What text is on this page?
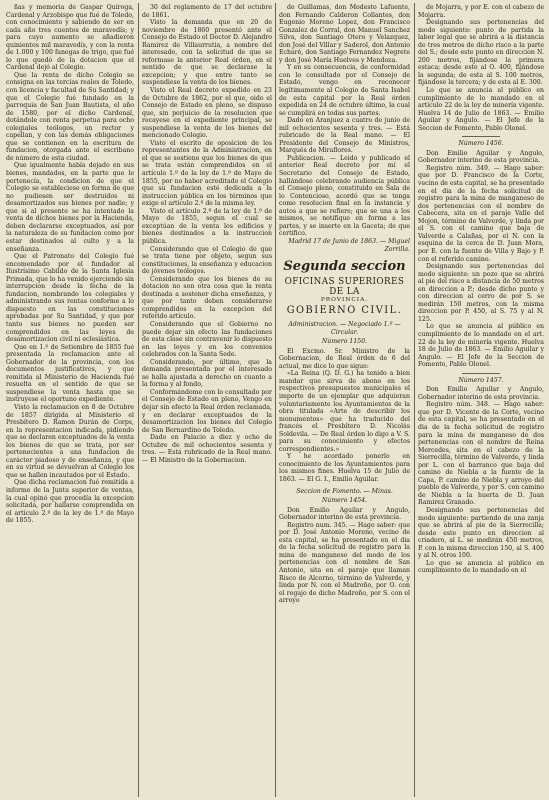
ñas y memoria de Gaspar Quiroga, Cardenal y Arzobispo que fué de Toledo, con conocimiento y sabiendo de ser en cada año tres cuentos de maravedís; y para cuyo aumento se añadieron quinientos mil maravedís, y con la renta de 1.000 y 100 fanegas de trigo, que fué lo que quedó de la dotacion que el Cardenal dejó al Colegio.

Que la renta de dicho Colegio se consigna en las tercias reales de Toledo, con licencia y facultad de Su Santidad; y que el Colegio fué fundado en la parroquia de San Juan Bautista, el año de 1580, por el dicho Cardenal, dotándole con renta perpetua para ocho colegiales teólogos, un rector y capellan, y con las demás obligaciones que se contienen en la escritura de fundacion, otorgada ante el escribano de número de esta ciudad.

Que igualmente había dejado en sus bienes, mandados, en la parte que le pertenecía, la condicion de que el Colegio se estableciese en forma de que no pudiesen ser destruidos ni desamortizados sus bienes por nadie; y que si al presente se ha intentado la venta de dichos bienes por la Hacienda, deben declararse exceptuados, así por la naturaleza de su fundacion como por estar destinados al culto y a la enseñanza.

Que el Patronato del Colegio fué encomendado por el fundador al Ilustrísimo Cabildo de la Santa Iglesia Primada, que lo ha venido ejerciendo sin interrupcion desde la fecha de la fundacion, nombrando los colegiales y administrando sus rentas conforme a lo dispuesto en las constituciones aprobadas por Su Santidad, y que por tanto sus bienes no pueden ser comprendidos en las leyes de desamortizacion civil ni eclesiástica.

Que en 1.º de Setiembre de 1855 fué presentada la reclamacion ante el Gobernador de la provincia, con los documentos justificativos, y que remitida al Ministerio de Hacienda fué resuelta en el sentido de que se suspendiese la venta hasta que se instruyese el oportuno expediente.

Visto la reclamacion en 8 de Octubre de 1857 dirigida al Ministerio el Presbítero D. Ramon Durán de Corps, en la representacion indicada, pidiendo que se declaren exceptuados de la venta los bienes de que se trata, por ser pertenecientes a una fundacion de carácter piadoso y de enseñanza, y que en su virtud se devuelvan al Colegio los que se hallen incautados por el Estado.

Que dicha reclamacion fué remitida a informe de la Junta superior de ventas, la cual opinó que procedía la excepcion solicitada, por hallarse comprendida en el artículo 2.º de la ley de 1.º de Mayo de 1855.

30 del reglamento de 17 del octubre de 1861.

Visto la demanda que en 20 de noviembre de 1860 presentó ante el Consejo de Estado el Doctor D. Alejandro Ramirez de Villaurrutia, a nombre del interesado, con la solicitud de que se reformase la anterior Real órden, en el sentido de que se declarase la excepcion; y que entre tanto se suspendiese la venta de los bienes.

Visto el Real decreto expedido en 23 de Octubre de 1862, por el que, oido el Consejo de Estado en pleno, se dispuso que, sin perjuicio de la resolucion que recayese en el expediente principal, se suspendiese la venta de los bienes del mencionado Colegio.

Visto el escrito de oposicion de los representantes de la Administracion, en el que se sostiene que los bienes de que se trata están comprendidos en el artículo 1.º de la ley de 1.º de Mayo de 1855, por no haber acreditado el Colegio que su fundacion esté dedicada a la instruccion pública en los términos que exige el artículo 2.º de la misma ley.

Visto el artículo 2.º de la ley de 1.º de Mayo de 1855, segun el cual se exceptúan de la venta los edificios y bienes destinados a la instruccion pública.

Considerando que el Colegio de que se trata tiene por objeto, segun sus constituciones, la enseñanza y educacion de jóvenes teólogos.

Considerando que los bienes de su dotacion no son otra cosa que la renta destinada a sostener dicha enseñanza, y que por tanto deben considerarse comprendidos en la excepcion del referido artículo.

Considerando que el Gobierno no puede dejar sin efecto las fundaciones de esta clase sin contravenir lo dispuesto en las leyes y en los convenios celebrados con la Santa Sede.

Considerando, por último, que la demanda presentada por el interesado se halla ajustada a derecho en cuanto a la forma y al fondo,

Conformándome con lo consultado por el Consejo de Estado en pleno, Vengo en dejar sin efecto la Real órden reclamada, y en declarar exceptuados de la desamortizacion los bienes del Colegio de San Bernardino de Toledo.

Dado en Palacio a diez y ocho de Octubre de mil ochocientos sesenta y tres. — Está rubricado de la Real mano. — El Ministro de la Gobernacion.

de Guillamas, don Modesto Lafuente, don Fernando Calderon Collantes, don Eugenio Moreno Lopez, don Francisco Gonzalez de Corral, don Manuel Sanchez Silva, don Santiago Otero y Velazquez, don José del Villar y Saderol, don Antonio Echaré, don Santiago Fernandez Negrete y don José María Huelves y Mendoza.

Y en su consecuencia, de conformidad con lo consultado por el Consejo de Estado, vengo en reconocer legítimamente al Colegio de Santa Isabel de esta capital por la Real órden expedida en 24 de octubre último, la cual se cumplirá en todas sus partes.

Dado en Aranjuez a cuatro de junio de mil ochocientos sesenta y tres. — Está rubricado de la Real mano. — El Presidente del Consejo de Ministros, Marqués de Miraflores.

Publicacion. — Leido y publicado el anterior Real decreto por mí el Secretario del Consejo de Estado, hallándose celebrando audiencia pública el Consejo pleno, constituido en Sala de lo Contencioso, acordó que se tenga como resolucion final en la instancia y autos a que se refiere; que se una a los mismos, se notifique en forma a las partes, y se inserte en la Gaceta; de que certifico.

Madrid 17 de Junio de 1863. — Miguel Zorrilla.
Segunda seccion
OFICINAS SUPERIORES DE LA
PROVINCIA.
GOBIERNO CIVIL.
Administracion. — Negociado 1.º — Circular.
Número 1150.

El Excmo. Sr. Ministro de la Gobernacion, de Real órden de 6 del actual, me dice lo que sigue:

«La Reina (Q. D. G.) ha tenido a bien mandar que sirva de abono en los respectivos presupuestos municipales el importe de un ejemplar que adquieran voluntariamente los Ayuntamientos de la obra titulada «Arte de describir los monumentos» que ha traducido del francés el Presbítero D. Nicolás Soldevila. — De Real órden lo digo a V. S. para su conocimiento y efectos correspondientes.»

Y he acordado ponerlo en conocimiento de los Ayuntamientos para los mismos fines. Huelva 15 de Julio de 1863. — El G. I., Emilio Aguilar.

Seccion de Fomento. — Minas.
Número 1454.

Don Emilio Aguilar y Angulo, Gobernador interino de esta provincia.

Registro num. 345. — Hago saber: que por D. José Antonio Moreno, vecino de esta capital, se ha presentado en el dia de la fecha solicitud de registro para la mina de manganeso del modo de los pertenencias con el nombre de San Antonio, sita en el paraje que llaman Risco de Alcorno, término de Valverde, y linda por N. con el Madroño, por O. con el regajo de dicho Madroño, por S. con el arroyo

de Mojarra, y por E. con el cabezo de Mojarra.

Designando sus pertenencias del modo siguiente: punto de partida la labor legal que se abrirá a la distancia de tres metros de dicho risco a la parte del S.; desde este punto en direccion N. 200 metros, fijándose la primera estaca; desde este al O. 400, fijándose la segunda; de esta al S. 100 metros, fijándose la tercera; y de esta al E. 300.

Lo que se anuncia al público en cumplimiento de lo mandado en el artículo 22 de la ley de minería vigente. Huelva 14 de Julio de 1863. — Emilio Aguilar y Angulo. — El Jefe de la Seccion de Fomento, Pablo Olonel.

Número 1456.

Don Emilio Aguilar y Angulo, Gobernador interino de esta provincia.

Registro núm. 349. — Hago saber: que por D. Francisco de la Corte, vecino de esta capital, se ha presentado en el dia de la fecha solicitud de registro para la mina de manganeso de dos pertenencias con el nombre de Cabecera, sita en el paraje Valle del Mojon, término de Valverde, y linda por el S. con el camino que baja de Valverde a Calañas, por el N. con la esquina de la cerca de D. Juan Mora, por E. con la fuente de Villa y Bajo y P. con el referido camino.

Designando sus pertenencias del modo siguiente: un pozo que se abrirá al pie del risco a distancia de 50 metros en direccion a P.; desde dicho punto y con direccion al cerro de por S. se medirán 150 metros, con la misma direccion por P. 450, al S. 75 y al N. 125.

Lo que se anuncia al público en cumplimiento de lo mandado en el art. 22 de la ley de minería vigente. Huelva 18 de Julio de 1863. — Emilio Aguilar y Angulo. — El Jefe de la Seccion de Fomento, Pablo Olonel.

Número 1457.

Don Emilio Aguilar y Angulo, Gobernador interino de esta provincia.

Registro núm. 348. — Hago saber: que por D. Vicente de la Corte, vecino de esta capital, se ha presentado en el dia de la fecha solicitud de registro para la mina de manganeso de dos pertenencias con el nombre de Reina Mercedes, sita en el cabezo de la Sierrecilla, término de Valverde, y linda por L. con el barranco que baja del camino de Niebla a la fuente de la Capa, P. camino de Niebla y arroyo del pueblo de Valverde, y por S. con camino de Niebla a la huerta de D. Juan Ramirez Granado.

Designando sus pertenencias del modo siguiente: partiendo de una zanja que se abrirá al pie de la Sierrecilla; desde este punto en direccion al criadero, al L. se medirán 450 metros, P. con la misma direccion 150, al S. 400 y al N. otros 100.

Lo que se anuncia al público en cumplimiento de lo mandado en el
